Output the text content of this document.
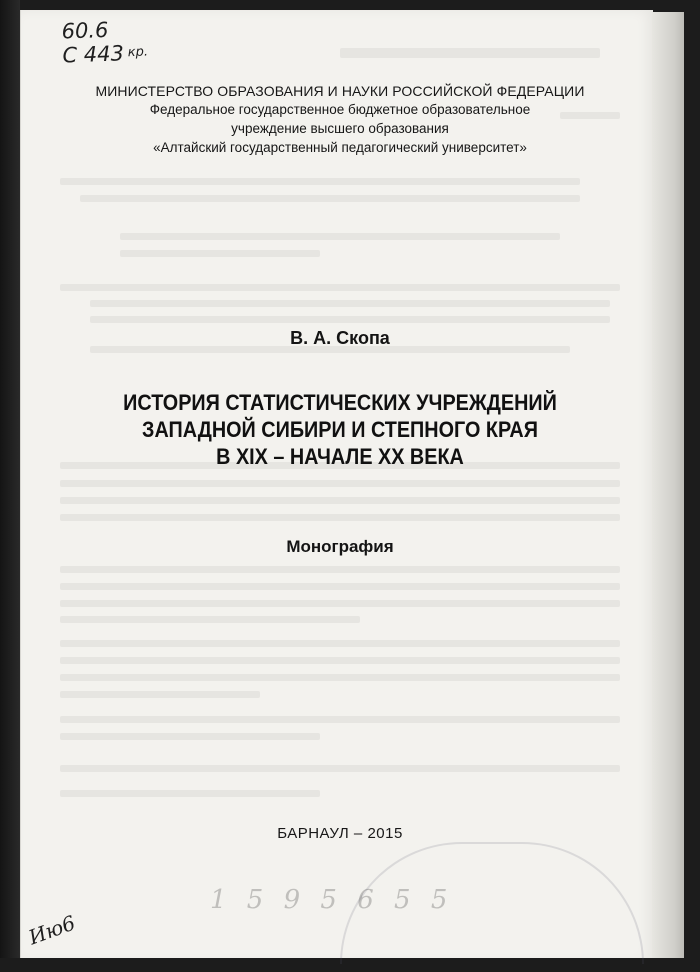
60.6
С 443 $^{кр.}$
МИНИСТЕРСТВО ОБРАЗОВАНИЯ И НАУКИ РОССИЙСКОЙ ФЕДЕРАЦИИ
Федеральное государственное бюджетное образовательное
учреждение высшего образования
«Алтайский государственный педагогический университет»
В. А. Скопа
ИСТОРИЯ СТАТИСТИЧЕСКИХ УЧРЕЖДЕНИЙ
ЗАПАДНОЙ СИБИРИ И СТЕПНОГО КРАЯ
В XIX – НАЧАЛЕ XX ВЕКА
Монография
БАРНАУЛ – 2015
1 5 9 5 6 5 5
Ию6
